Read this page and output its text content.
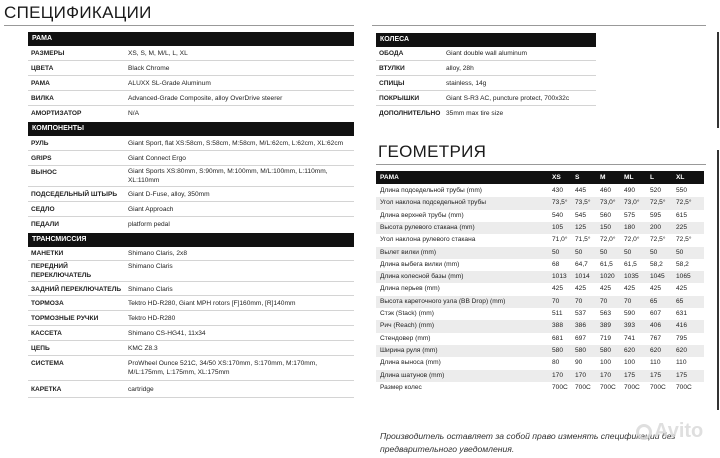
СПЕЦИФИКАЦИИ
РАМА
РАЗМЕРЫ	XS, S, M, M/L, L, XL
ЦВЕТА	Black Chrome
РАМА	ALUXX SL-Grade Aluminum
ВИЛКА	Advanced-Grade Composite, alloy OverDrive steerer
АМОРТИЗАТОР	N/A
КОМПОНЕНТЫ
РУЛЬ	Giant Sport, flat XS:58cm, S:58cm, M:58cm, M/L:62cm, L:62cm, XL:62cm
GRIPS	Giant Connect Ergo
ВЫНОС	Giant Sports XS:80mm, S:90mm, M:100mm, M/L:100mm, L:110mm,
XL:110mm
ПОДСЕДЕЛЬНЫЙ ШТЫРЬ Giant D-Fuse, alloy, 350mm
СЕДЛО	Giant Approach
ПЕДАЛИ	platform pedal
ТРАНСМИССИЯ
МАНЕТКИ	Shimano Claris, 2x8
ПЕРЕДНИЙ
ПЕРЕКЛЮЧАТЕЛЬ
Shimano Claris
ЗАДНИЙ ПЕРЕКЛЮЧАТЕЛЬ Shimano Claris
ТОРМОЗА	Tektro HD-R280, Giant MPH rotors [F]160mm, [R]140mm
ТОРМОЗНЫЕ РУЧКИ	Tektro HD-R280
КАССЕТА	Shimano CS-HG41, 11x34
ЦЕПЬ	KMC Z8.3
СИСТЕМА	ProWheel Ounce 521C, 34/50 XS:170mm, S:170mm, M:170mm,
M/L:175mm, L:175mm, XL:175mm
КАРЕТКА	cartridge
КОЛЕСА
ОБОДА	Giant double wall aluminum
ВТУЛКИ	alloy, 28h
СПИЦЫ	stainless, 14g
ПОКРЫШКИ	Giant S-R3 AC, puncture protect, 700x32c
ДОПОЛНИТЕЛЬНО 35mm max tire size
ГЕОМЕТРИЯ
РАМА	XS S	M	ML L	XL
Длина подседельной трубы (mm)	430 445 460 490 520 550
Угол наклона подседельной трубы	73,5° 73,5° 73,0° 73,0° 72,5° 72,5°
Длина верхней трубы (mm)	540 545 560 575 595 615
Высота рулевого стакана (mm)	105 125 150 180 200 225
Угол наклона рулевого стакана	71,0° 71,5° 72,0° 72,0° 72,5° 72,5°
Вылет вилки (mm)	50 50	50	50	50	50
Длина выбега вилки (mm)	68 64,7 61,5 61,5 58,2 58,2
Длина колесной базы (mm)	1013 1014 1020 1035 1045 1065
Длина перьев (mm)	425 425 425 425 425 425
Высота кареточного узла (BB Drop) (mm)	70 70	70	70	65	65
Стэк (Stack) (mm)	511 537 563 590 607 631
Рич (Reach) (mm)	388 386 389 393 406 416
Стендовер (mm)	681 697 719 741 767 795
Ширина руля (mm)	580 580 580 620 620 620
Длина выноса (mm)	80 90	100 100 110 110
Длина шатунов (mm)	170 170 170 175 175 175
Размер колес	700C 700C 700C 700C 700C 700C
Производитель оставляет за собой право изменять спецификации без
предварительного уведомления.
Avito
